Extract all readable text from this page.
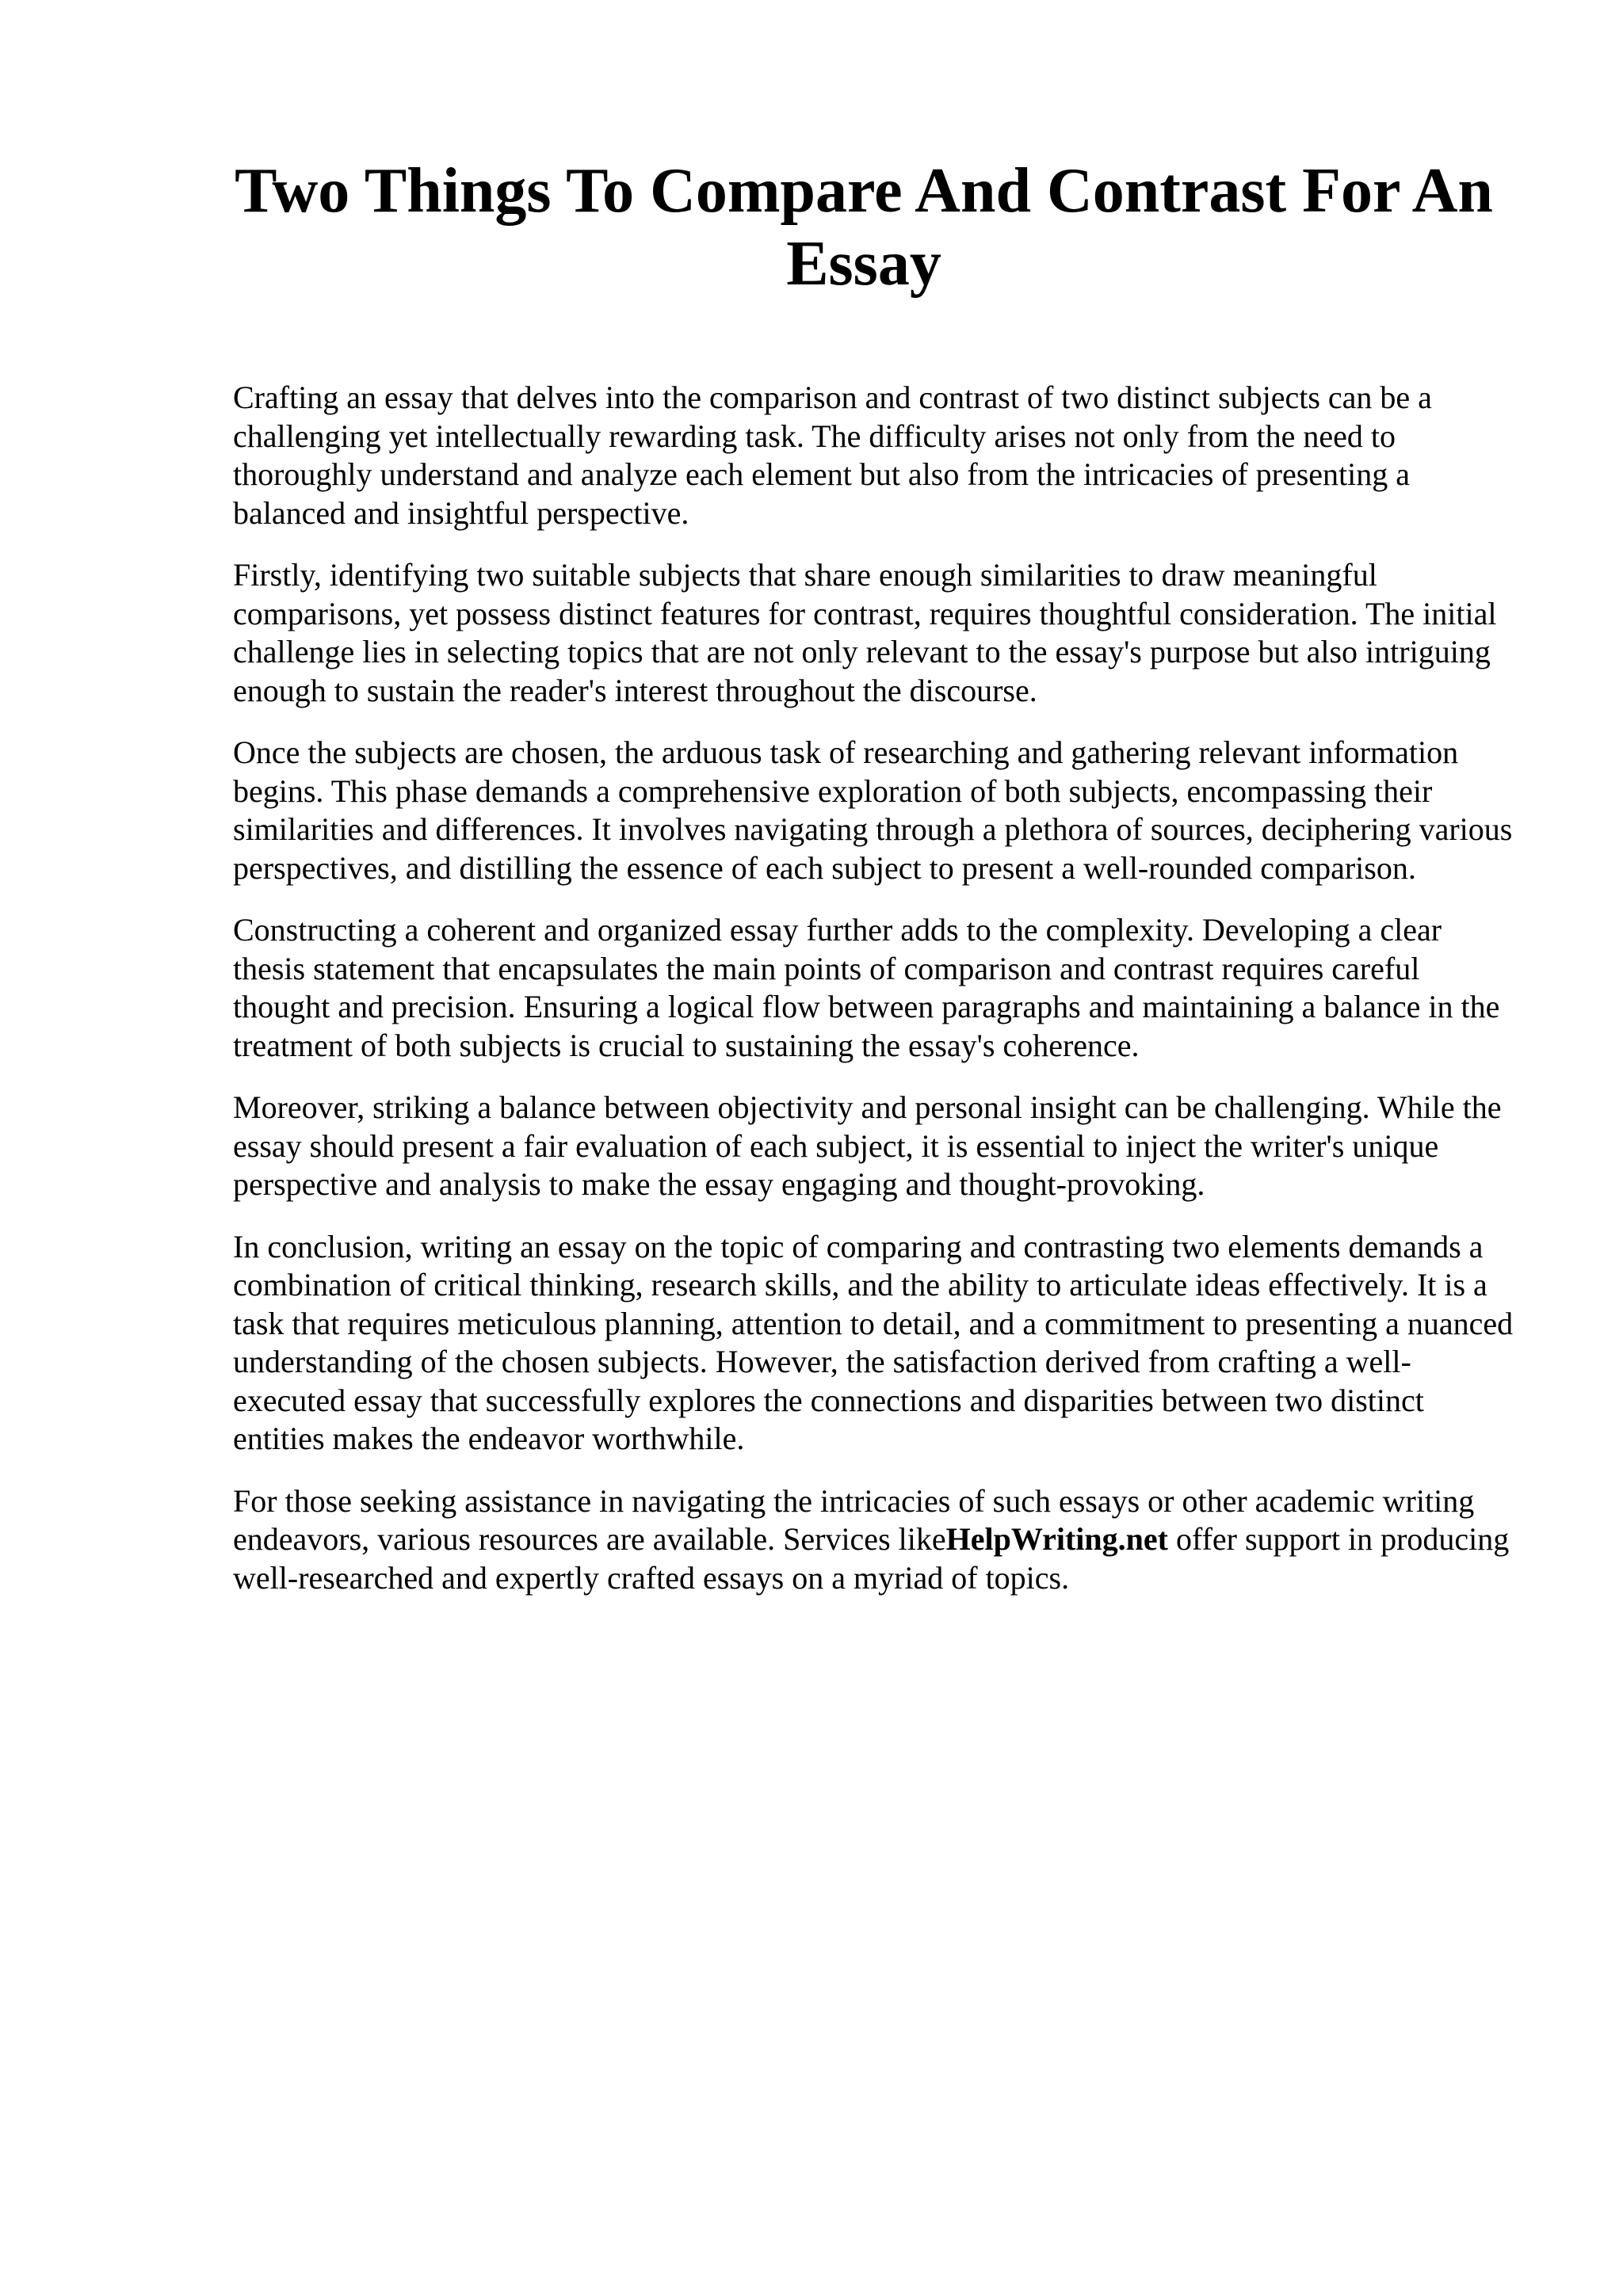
Two Things To Compare And Contrast For An Essay

Crafting an essay that delves into the comparison and contrast of two distinct subjects can be a challenging yet intellectually rewarding task. The difficulty arises not only from the need to thoroughly understand and analyze each element but also from the intricacies of presenting a balanced and insightful perspective.

Firstly, identifying two suitable subjects that share enough similarities to draw meaningful comparisons, yet possess distinct features for contrast, requires thoughtful consideration. The initial challenge lies in selecting topics that are not only relevant to the essay's purpose but also intriguing enough to sustain the reader's interest throughout the discourse.

Once the subjects are chosen, the arduous task of researching and gathering relevant information begins. This phase demands a comprehensive exploration of both subjects, encompassing their similarities and differences. It involves navigating through a plethora of sources, deciphering various perspectives, and distilling the essence of each subject to present a well-rounded comparison.

Constructing a coherent and organized essay further adds to the complexity. Developing a clear thesis statement that encapsulates the main points of comparison and contrast requires careful thought and precision. Ensuring a logical flow between paragraphs and maintaining a balance in the treatment of both subjects is crucial to sustaining the essay's coherence.

Moreover, striking a balance between objectivity and personal insight can be challenging. While the essay should present a fair evaluation of each subject, it is essential to inject the writer's unique perspective and analysis to make the essay engaging and thought-provoking.

In conclusion, writing an essay on the topic of comparing and contrasting two elements demands a combination of critical thinking, research skills, and the ability to articulate ideas effectively. It is a task that requires meticulous planning, attention to detail, and a commitment to presenting a nuanced understanding of the chosen subjects. However, the satisfaction derived from crafting a well-executed essay that successfully explores the connections and disparities between two distinct entities makes the endeavor worthwhile.

For those seeking assistance in navigating the intricacies of such essays or other academic writing endeavors, various resources are available. Services likeHelpWriting.net offer support in producing well-researched and expertly crafted essays on a myriad of topics.
